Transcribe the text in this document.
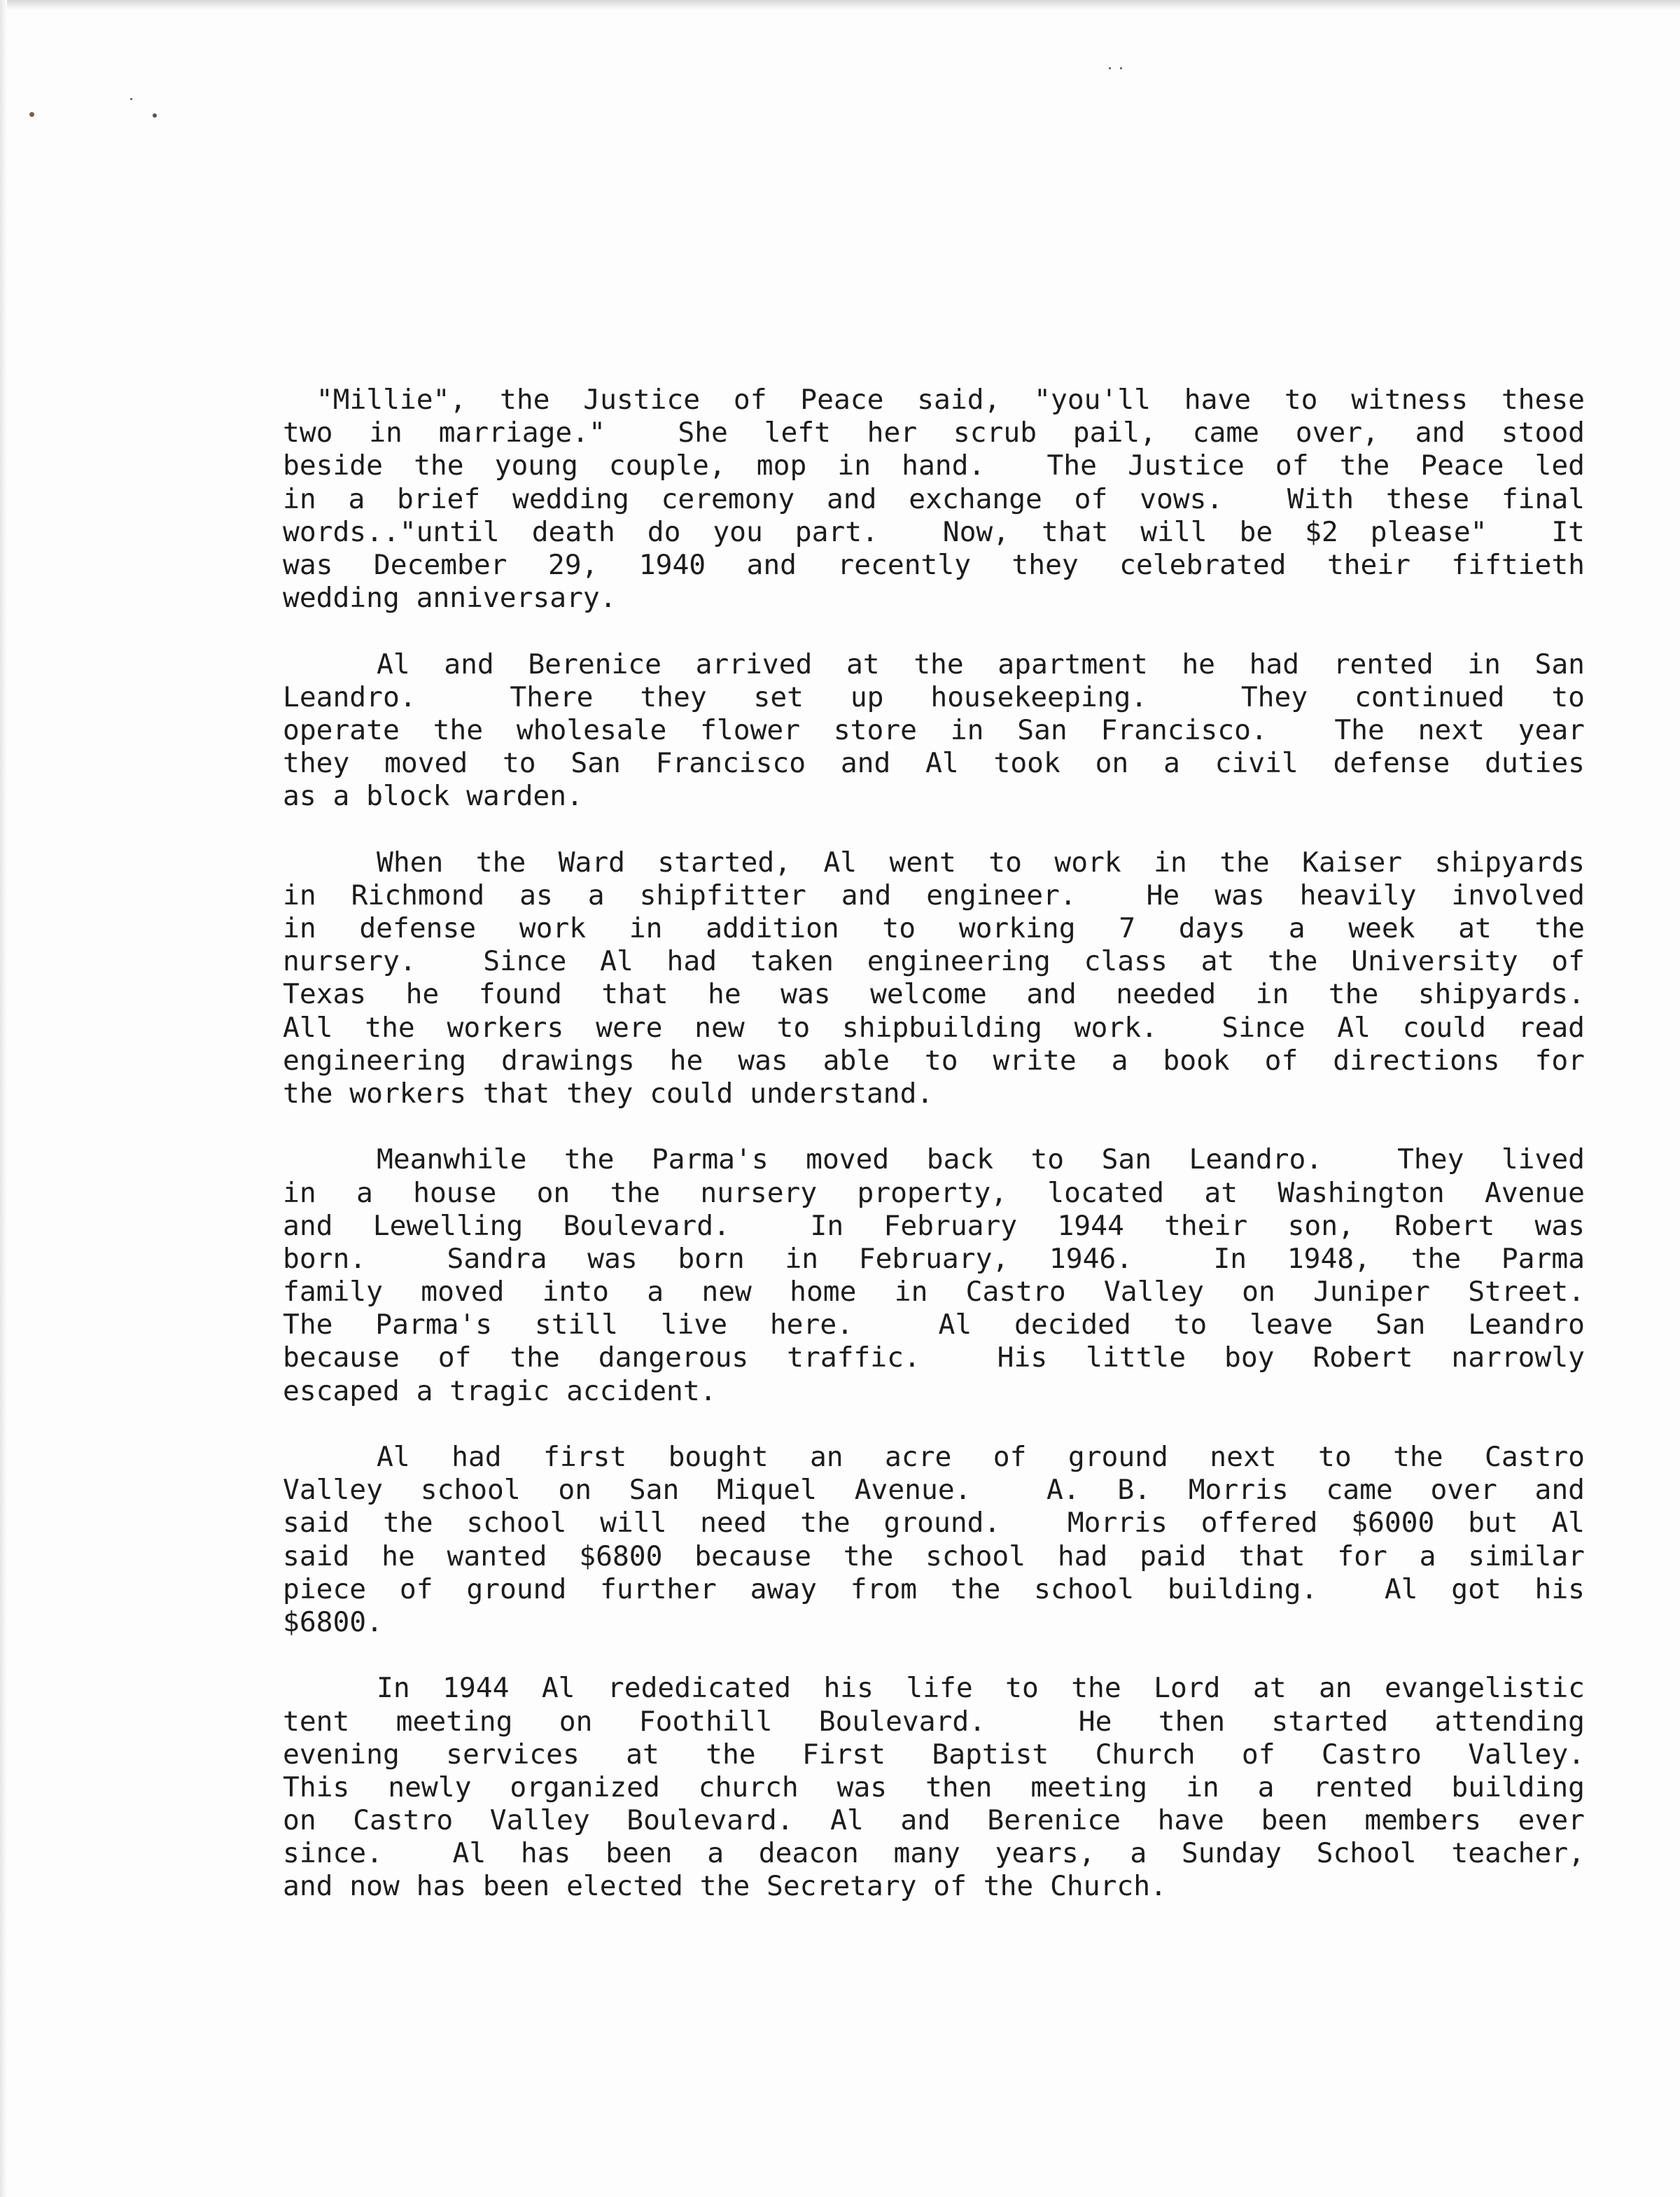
"Millie", the Justice of Peace said, "you'll have to witness these
two in marriage."  She left her scrub pail, came over, and stood
beside the young couple, mop in hand.  The Justice of the Peace led
in a brief wedding ceremony and exchange of vows.  With these final
words.."until death do you part.  Now, that will be $2 please"  It
was December 29, 1940 and recently they celebrated their fiftieth
wedding anniversary.
Al and Berenice arrived at the apartment he had rented in San
Leandro.  There they set up housekeeping.  They continued to
operate the wholesale flower store in San Francisco.  The next year
they moved to San Francisco and Al took on a civil defense duties
as a block warden.
When the Ward started, Al went to work in the Kaiser shipyards
in Richmond as a shipfitter and engineer.  He was heavily involved
in defense work in addition to working 7 days a week at the
nursery.  Since Al had taken engineering class at the University of
Texas he found that he was welcome and needed in the shipyards.
All the workers were new to shipbuilding work.  Since Al could read
engineering drawings he was able to write a book of directions for
the workers that they could understand.
Meanwhile the Parma's moved back to San Leandro.  They lived
in a house on the nursery property, located at Washington Avenue
and Lewelling Boulevard.  In February 1944 their son, Robert was
born.  Sandra was born in February, 1946.  In 1948, the Parma
family moved into a new home in Castro Valley on Juniper Street.
The Parma's still live here.  Al decided to leave San Leandro
because of the dangerous traffic.  His little boy Robert narrowly
escaped a tragic accident.
Al had first bought an acre of ground next to the Castro
Valley school on San Miquel Avenue.  A. B. Morris came over and
said the school will need the ground.  Morris offered $6000 but Al
said he wanted $6800 because the school had paid that for a similar
piece of ground further away from the school building.  Al got his
$6800.
In 1944 Al rededicated his life to the Lord at an evangelistic
tent meeting on Foothill Boulevard.  He then started attending
evening services at the First Baptist Church of Castro Valley.
This newly organized church was then meeting in a rented building
on Castro Valley Boulevard. Al and Berenice have been members ever
since.  Al has been a deacon many years, a Sunday School teacher,
and now has been elected the Secretary of the Church.
